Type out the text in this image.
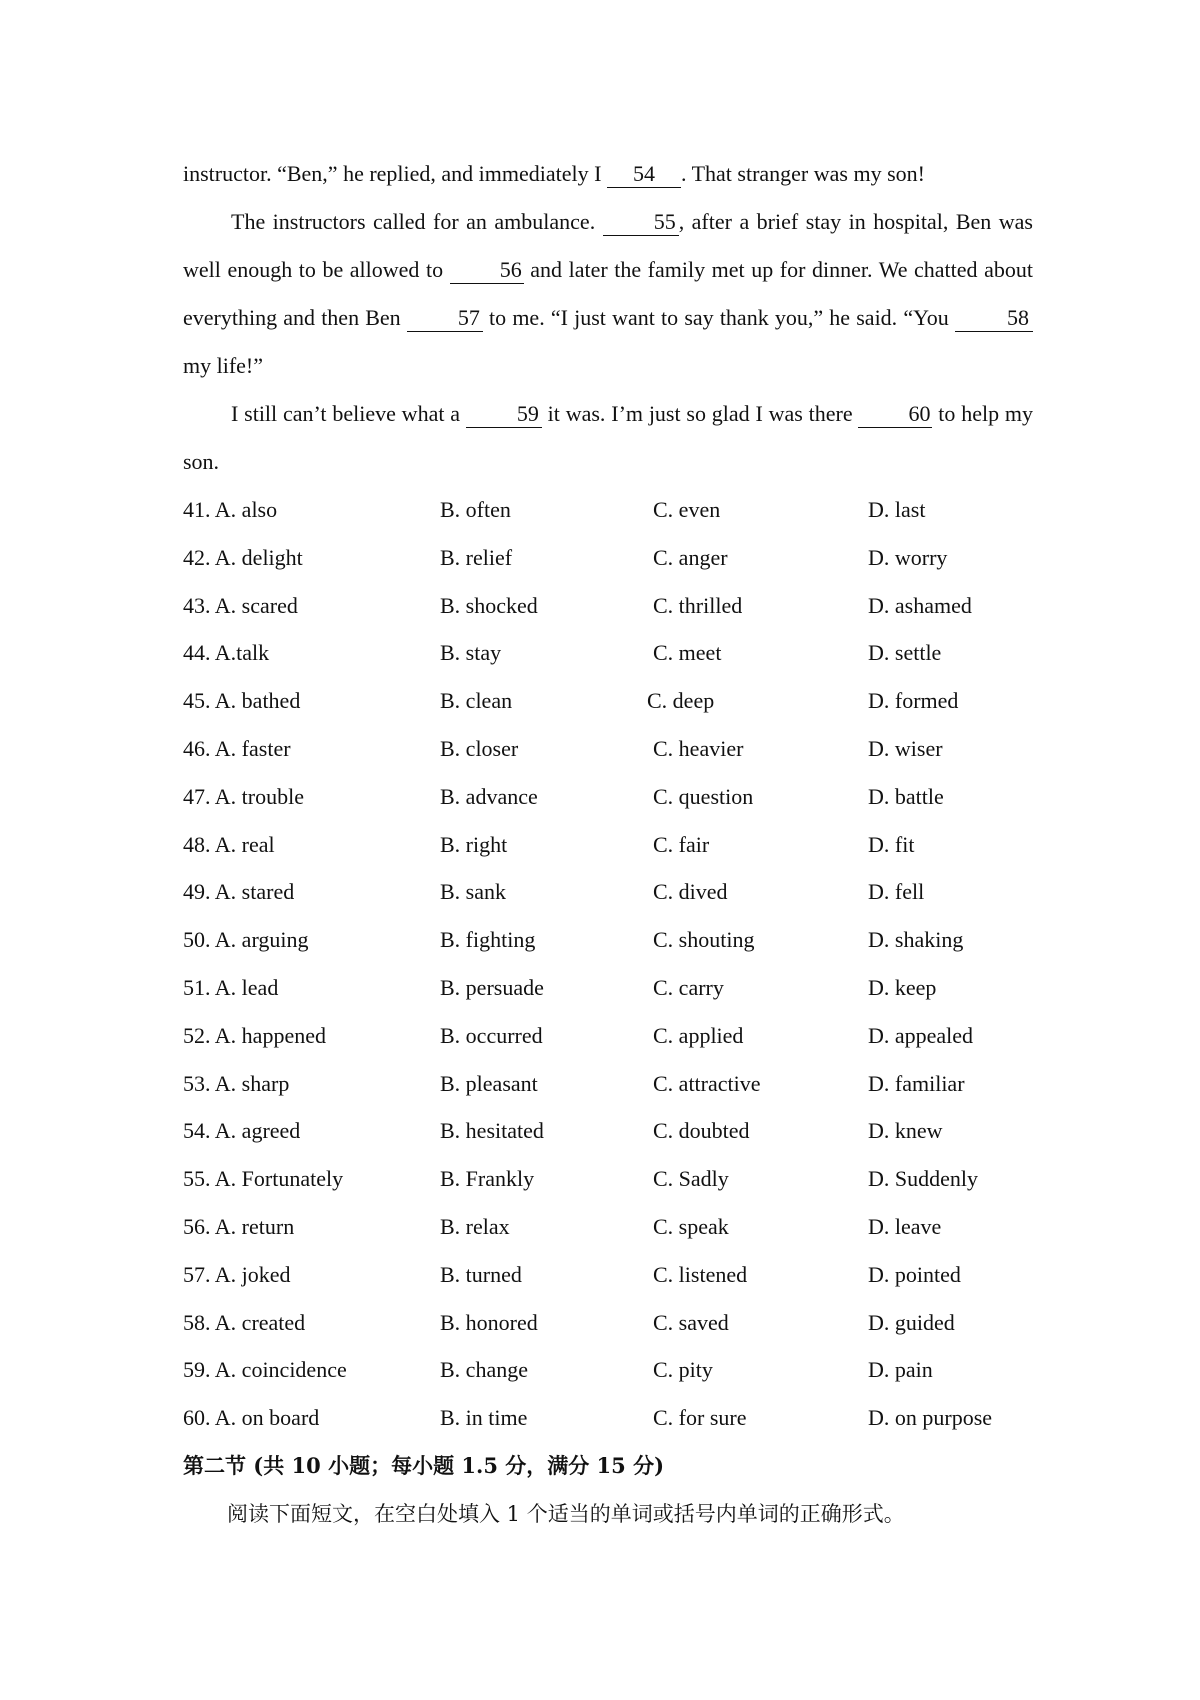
instructor. “Ben,” he replied, and immediately I 54 . That stranger was my son!

The instructors called for an ambulance. 55 , after a brief stay in hospital, Ben was well enough to be allowed to 56 and later the family met up for dinner. We chatted about everything and then Ben 57 to me. “I just want to say thank you,” he said. “You 58 my life!”

I still can’t believe what a 59 it was. I’m just so glad I was there 60 to help my son.

41. A. also	B. often	C. even	D. last
42. A. delight	B. relief	C. anger	D. worry
43. A. scared	B. shocked	C. thrilled	D. ashamed
44. A.talk	B. stay	C. meet	D. settle
45. A. bathed	B. clean	C. deep	D. formed
46. A. faster	B. closer	C. heavier	D. wiser
47. A. trouble	B. advance	C. question	D. battle
48. A. real	B. right	C. fair	D. fit
49. A. stared	B. sank	C. dived	D. fell
50. A. arguing	B. fighting	C. shouting	D. shaking
51. A. lead	B. persuade	C. carry	D. keep
52. A. happened	B. occurred	C. applied	D. appealed
53. A. sharp	B. pleasant	C. attractive	D. familiar
54. A. agreed	B. hesitated	C. doubted	D. knew
55. A. Fortunately	B. Frankly	C. Sadly	D. Suddenly
56. A. return	B. relax	C. speak	D. leave
57. A. joked	B. turned	C. listened	D. pointed
58. A. created	B. honored	C. saved	D. guided
59. A. coincidence	B. change	C. pity	D. pain
60. A. on board	B. in time	C. for sure	D. on purpose

第二节 (共 10 小题；每小题 1.5 分，满分 15 分)

阅读下面短文，在空白处填入 1 个适当的单词或括号内单词的正确形式。
